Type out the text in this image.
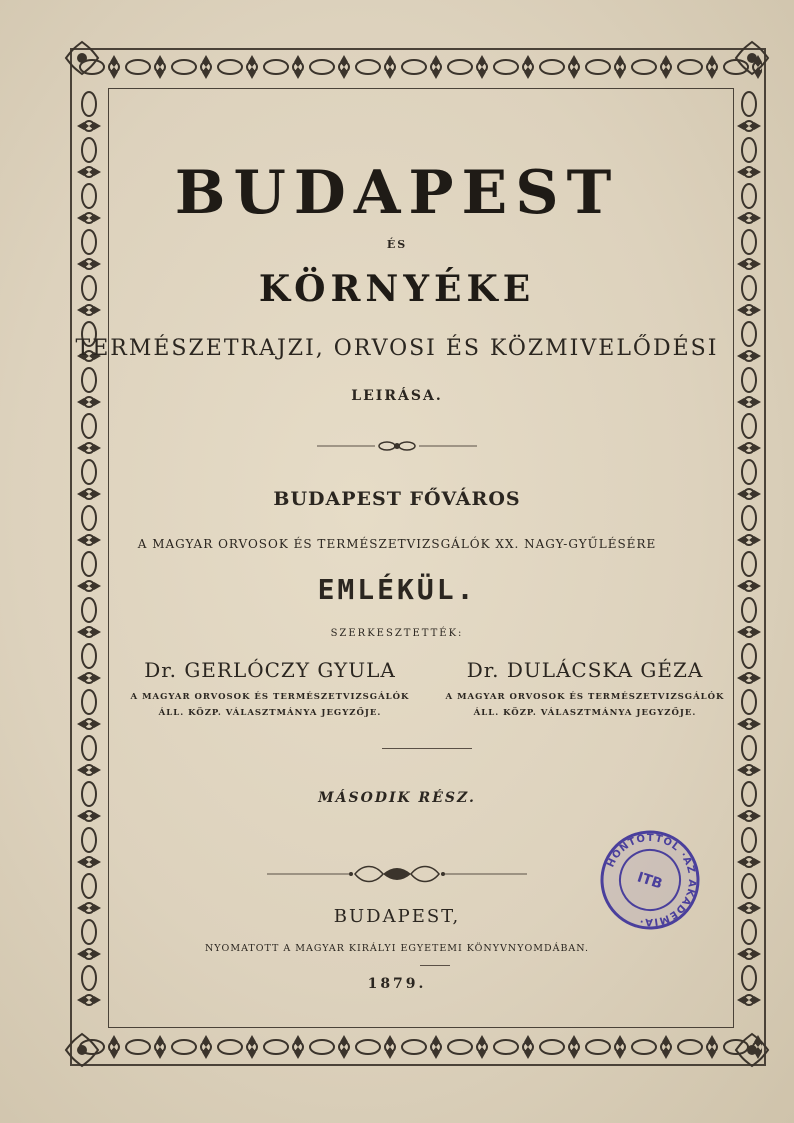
BUDAPEST
ÉS
KÖRNYÉKE
TERMÉSZETRAJZI, ORVOSI ÉS KÖZMIVELŐDÉSI
LEIRÁSA.
BUDAPEST FŐVÁROS
A MAGYAR ORVOSOK ÉS TERMÉSZETVIZSGÁLÓK XX. NAGY-GYŰLÉSÉRE
EMLÉKÜL.
SZERKESZTETTÉK:
Dr. GERLÓCZY GYULA
A MAGYAR ORVOSOK ÉS TERMÉSZETVIZSGÁLÓK
ÁLL. KÖZP. VÁLASZTMÁNYA JEGYZŐJE.
Dr. DULÁCSKA GÉZA
A MAGYAR ORVOSOK ÉS TERMÉSZETVIZSGÁLÓK
ÁLL. KÖZP. VÁLASZTMÁNYA JEGYZŐJE.
MÁSODIK RÉSZ.
BUDAPEST,
NYOMATOTT A MAGYAR KIRÁLYI EGYETEMI KÖNYVNYOMDÁBAN.
1879.
HONTOTTOL ·AZ AKADÉMIA·
ITB
